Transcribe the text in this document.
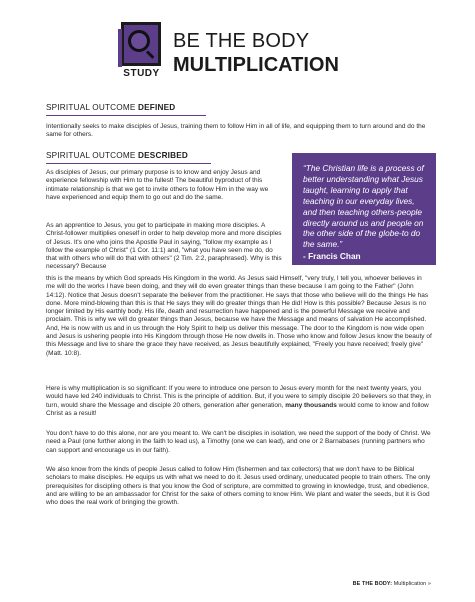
STUDY
BE THE BODY
MULTIPLICATION
SPIRITUAL OUTCOME DEFINED

Intentionally seeks to make disciples of Jesus, training them to follow Him in all of life, and equipping them to turn around and do the same for others.

SPIRITUAL OUTCOME DESCRIBED
“The Christian life is a process of better understanding what Jesus taught, learning to apply that teaching in our everyday lives, and then teaching others-people directly around us and people on the other side of the globe-to do the same.”
- Francis Chan

As disciples of Jesus, our primary purpose is to know and enjoy Jesus and experience fellowship with Him to the fullest! The beautiful byproduct of this intimate relationship is that we get to invite others to follow Him in the way we have experienced and equip them to go out and do the same.

As an apprentice to Jesus, you get to participate in making more disciples. A Christ-follower multiplies oneself in order to help develop more and more disciples of Jesus. It's one who joins the Apostle Paul in saying, "follow my example as I follow the example of Christ" (1 Cor. 11:1) and, "what you have seen me do, do that with others who will do that with others" (2 Tim. 2:2, paraphrased). Why is this necessary? Because

this is the means by which God spreads His Kingdom in the world. As Jesus said Himself, "very truly, I tell you, whoever believes in me will do the works I have been doing, and they will do even greater things than these because I am going to the Father" (John 14:12). Notice that Jesus doesn't separate the believer from the practitioner. He says that those who believe will do the things He has done. More mind-blowing than this is that He says they will do greater things than He did! How is this possible? Because Jesus is no longer limited by His earthly body. His life, death and resurrection have happened and is the powerful Message we receive and proclaim. This is why we will do greater things than Jesus, because we have the Message and means of salvation He accomplished. And, He is now with us and in us through the Holy Spirit to help us deliver this message. The door to the Kingdom is now wide open and Jesus is ushering people into His Kingdom through those He now dwells in. Those who know and follow Jesus know the beauty of this Message and live to share the grace they have received, as Jesus beautifully explained, "Freely you have received; freely give" (Matt. 10:8).

Here is why multiplication is so significant: If you were to introduce one person to Jesus every month for the next twenty years, you would have led 240 individuals to Christ. This is the principle of addition. But, if you were to simply disciple 20 believers so that they, in turn, would share the Message and disciple 20 others, generation after generation, many thousands would come to know and follow Christ as a result!

You don't have to do this alone, nor are you meant to. We can't be disciples in isolation, we need the support of the body of Christ. We need a Paul (one further along in the faith to lead us), a Timothy (one we can lead), and one or 2 Barnabases (running partners who can support and encourage us in our faith).

We also know from the kinds of people Jesus called to follow Him (fishermen and tax collectors) that we don't have to be Biblical scholars to make disciples. He equips us with what we need to do it. Jesus used ordinary, uneducated people to train others. The only prerequisites for discipling others is that you know the God of scripture, are committed to growing in knowledge, trust, and obedience, and are willing to be an ambassador for Christ for the sake of others coming to know Him. We plant and water the seeds, but it is God who does the real work of bringing the growth.

BE THE BODY: Multiplication »
